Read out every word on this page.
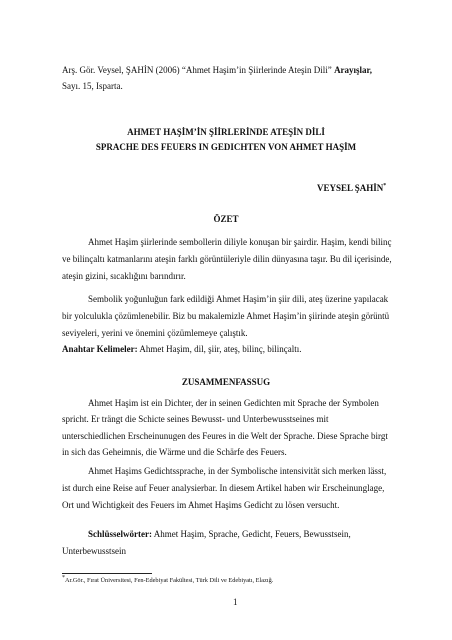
Arş. Gör. Veysel, ŞAHİN (2006) “Ahmet Haşim’in Şiirlerinde Ateşin Dili” Arayışlar,
Sayı. 15, Isparta.
AHMET HAŞİM’İN ŞİİRLERİNDE ATEŞİN DİLİ
SPRACHE DES FEUERS IN GEDICHTEN VON AHMET HAŞİM
VEYSEL ŞAHİN*
ÖZET
Ahmet Haşim şiirlerinde sembollerin diliyle konuşan bir şairdir. Haşim, kendi bilinç
ve bilinçaltı katmanlarını ateşin farklı görüntüleriyle dilin dünyasına taşır. Bu dil içerisinde,
ateşin gizini, sıcaklığını barındırır.
Sembolik yoğunluğun fark edildiği Ahmet Haşim’in şiir dili, ateş üzerine yapılacak
bir yolculukla çözümlenebilir. Biz bu makalemizle Ahmet Haşim’in şiirinde ateşin görüntü
seviyeleri, yerini ve önemini çözümlemeye çalıştık.
Anahtar Kelimeler: Ahmet Haşim, dil, şiir, ateş, bilinç, bilinçaltı.
ZUSAMMENFASSUG
Ahmet Haşim ist ein Dichter, der in seinen Gedichten mit Sprache der Symbolen
spricht. Er trängt die Schicte seines Bewusst- und Unterbewusstseines mit
unterschiedlichen Erscheinunugen des Feures in die Welt der Sprache. Diese Sprache birgt
in sich das Geheimnis, die Wärme und die Schärfe des Feuers.
Ahmet Haşims Gedichtssprache, in der Symbolische intensivität sich merken lässt,
ist durch eine Reise auf Feuer analysierbar. In diesem Artikel haben wir Erscheinunglage,
Ort und Wichtigkeit des Feuers im Ahmet Haşims Gedicht zu lösen versucht.
Schlüsselwörter: Ahmet Haşim, Sprache, Gedicht, Feuers, Bewusstsein,
Unterbewusstsein
*Ar.Gör., Fırat Üniversitesi, Fen-Edebiyat Fakültesi, Türk Dili ve Edebiyatı, Elazığ.
1
